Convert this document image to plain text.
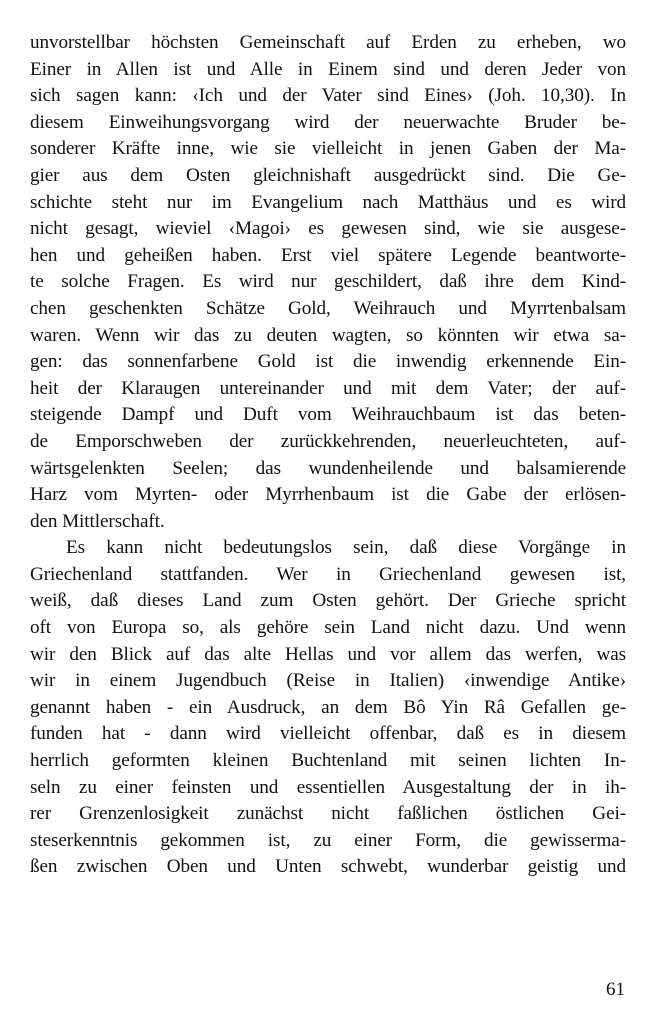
unvorstellbar höchsten Gemeinschaft auf Erden zu erheben, wo
Einer in Allen ist und Alle in Einem sind und deren Jeder von
sich sagen kann: ‹Ich und der Vater sind Eines› (Joh. 10,30). In
diesem Einweihungsvorgang wird der neuerwachte Bruder be-
sonderer Kräfte inne, wie sie vielleicht in jenen Gaben der Ma-
gier aus dem Osten gleichnishaft ausgedrückt sind. Die Ge-
schichte steht nur im Evangelium nach Matthäus und es wird
nicht gesagt, wieviel ‹Magoi› es gewesen sind, wie sie ausgese-
hen und geheißen haben. Erst viel spätere Legende beantworte-
te solche Fragen. Es wird nur geschildert, daß ihre dem Kind-
chen geschenkten Schätze Gold, Weihrauch und Myrrtenbalsam
waren. Wenn wir das zu deuten wagten, so könnten wir etwa sa-
gen: das sonnenfarbene Gold ist die inwendig erkennende Ein-
heit der Klaraugen untereinander und mit dem Vater; der auf-
steigende Dampf und Duft vom Weihrauchbaum ist das beten-
de Emporschweben der zurückkehrenden, neuerleuchteten, auf-
wärtsgelenkten Seelen; das wundenheilende und balsamierende
Harz vom Myrten- oder Myrrhenbaum ist die Gabe der erlösen-
den Mittlerschaft.
Es kann nicht bedeutungslos sein, daß diese Vorgänge in
Griechenland stattfanden. Wer in Griechenland gewesen ist,
weiß, daß dieses Land zum Osten gehört. Der Grieche spricht
oft von Europa so, als gehöre sein Land nicht dazu. Und wenn
wir den Blick auf das alte Hellas und vor allem das werfen, was
wir in einem Jugendbuch (Reise in Italien) ‹inwendige Antike›
genannt haben - ein Ausdruck, an dem Bô Yin Râ Gefallen ge-
funden hat - dann wird vielleicht offenbar, daß es in diesem
herrlich geformten kleinen Buchtenland mit seinen lichten In-
seln zu einer feinsten und essentiellen Ausgestaltung der in ih-
rer Grenzenlosigkeit zunächst nicht faßlichen östlichen Gei-
steserkenntnis gekommen ist, zu einer Form, die gewisserma-
ßen zwischen Oben und Unten schwebt, wunderbar geistig und
61
